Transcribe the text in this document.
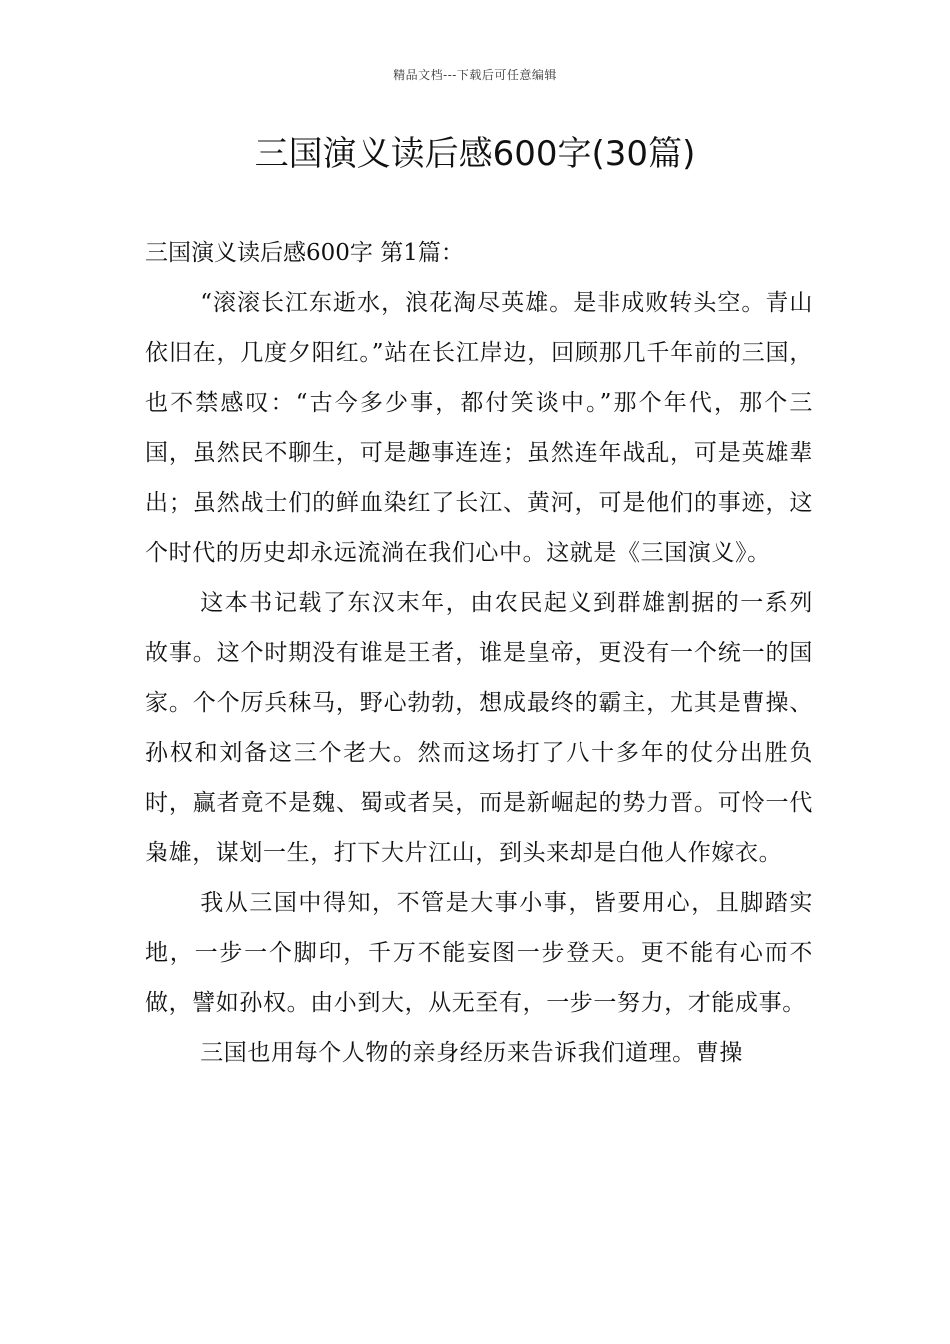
精品文档---下载后可任意编辑
三国演义读后感600字(30篇)

三国演义读后感600字 第1篇：

“滚滚长江东逝水，浪花淘尽英雄。是非成败转头空。青山依旧在，几度夕阳红。”站在长江岸边，回顾那几千年前的三国，也不禁感叹：“古今多少事，都付笑谈中。”那个年代，那个三国，虽然民不聊生，可是趣事连连；虽然连年战乱，可是英雄辈出；虽然战士们的鲜血染红了长江、黄河，可是他们的事迹，这个时代的历史却永远流淌在我们心中。这就是《三国演义》。

这本书记载了东汉末年，由农民起义到群雄割据的一系列故事。这个时期没有谁是王者，谁是皇帝，更没有一个统一的国家。个个厉兵秣马，野心勃勃，想成最终的霸主，尤其是曹操、孙权和刘备这三个老大。然而这场打了八十多年的仗分出胜负时，赢者竟不是魏、蜀或者吴，而是新崛起的势力晋。可怜一代枭雄，谋划一生，打下大片江山，到头来却是白他人作嫁衣。

我从三国中得知，不管是大事小事，皆要用心，且脚踏实地，一步一个脚印，千万不能妄图一步登天。更不能有心而不做，譬如孙权。由小到大，从无至有，一步一努力，才能成事。

三国也用每个人物的亲身经历来告诉我们道理。曹操
